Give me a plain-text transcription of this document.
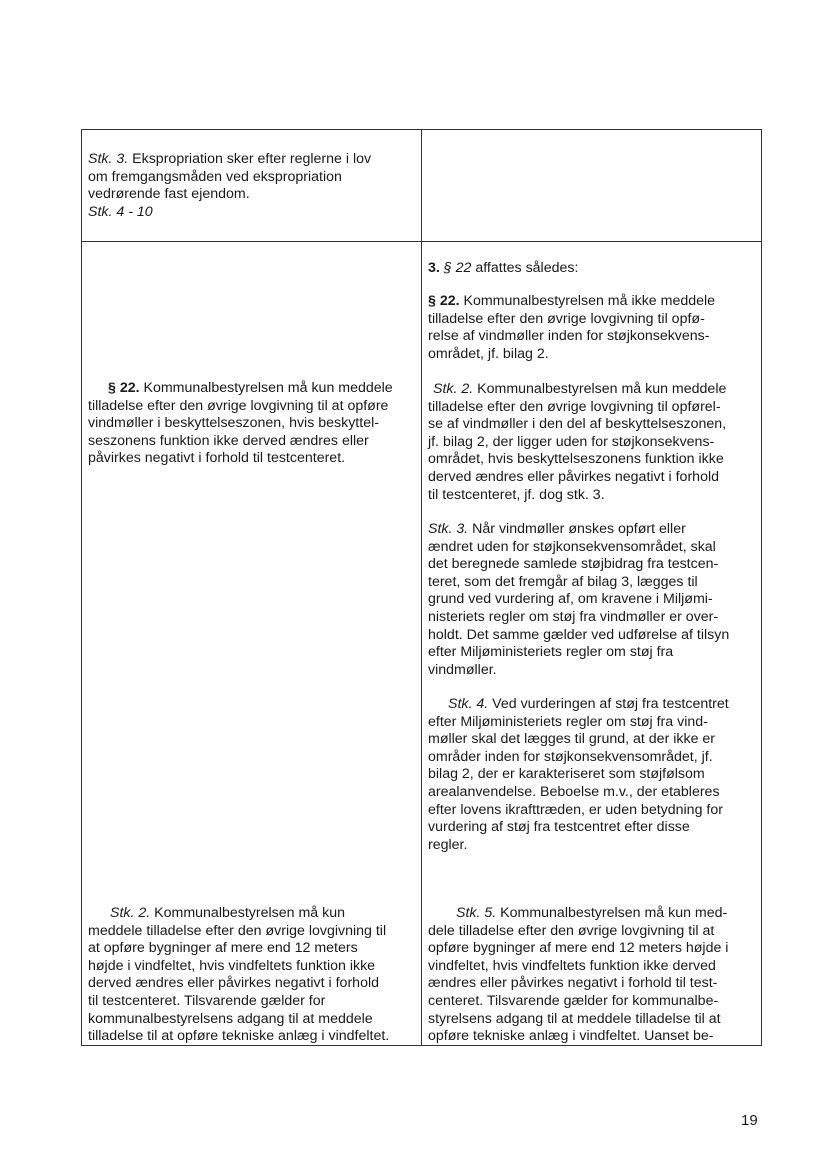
Stk. 3. Ekspropriation sker efter reglerne i lov
om fremgangsmåden ved ekspropriation
vedrørende fast ejendom.
Stk. 4 - 10
§ 22. Kommunalbestyrelsen må kun meddele
tilladelse efter den øvrige lovgivning til at opføre
vindmøller i beskyttelseszonen, hvis beskyttel-
seszonens funktion ikke derved ændres eller
påvirkes negativt i forhold til testcenteret.
Stk. 2. Kommunalbestyrelsen må kun
meddele tilladelse efter den øvrige lovgivning til
at opføre bygninger af mere end 12 meters
højde i vindfeltet, hvis vindfeltets funktion ikke
derved ændres eller påvirkes negativt i forhold
til testcenteret. Tilsvarende gælder for
kommunalbestyrelsens adgang til at meddele
tilladelse til at opføre tekniske anlæg i vindfeltet.
3. § 22 affattes således:
§ 22. Kommunalbestyrelsen må ikke meddele
tilladelse efter den øvrige lovgivning til opfø-
relse af vindmøller inden for støjkonsekvens-
området, jf. bilag 2.
Stk. 2. Kommunalbestyrelsen må kun meddele
tilladelse efter den øvrige lovgivning til opførel-
se af vindmøller i den del af beskyttelseszonen,
jf. bilag 2, der ligger uden for støjkonsekvens-
området, hvis beskyttelseszonens funktion ikke
derved ændres eller påvirkes negativt i forhold
til testcenteret, jf. dog stk. 3.
Stk. 3. Når vindmøller ønskes opført eller
ændret uden for støjkonsekvensområdet, skal
det beregnede samlede støjbidrag fra testcen-
teret, som det fremgår af bilag 3, lægges til
grund ved vurdering af, om kravene i Miljømi-
nisteriets regler om støj fra vindmøller er over-
holdt. Det samme gælder ved udførelse af tilsyn
efter Miljøministeriets regler om støj fra
vindmøller.
Stk. 4. Ved vurderingen af støj fra testcentret
efter Miljøministeriets regler om støj fra vind-
møller skal det lægges til grund, at der ikke er
områder inden for støjkonsekvensområdet, jf.
bilag 2, der er karakteriseret som støjfølsom
arealanvendelse. Beboelse m.v., der etableres
efter lovens ikrafttræden, er uden betydning for
vurdering af støj fra testcentret efter disse
regler.
Stk. 5. Kommunalbestyrelsen må kun med-
dele tilladelse efter den øvrige lovgivning til at
opføre bygninger af mere end 12 meters højde i
vindfeltet, hvis vindfeltets funktion ikke derved
ændres eller påvirkes negativt i forhold til test-
centeret. Tilsvarende gælder for kommunalbe-
styrelsens adgang til at meddele tilladelse til at
opføre tekniske anlæg i vindfeltet. Uanset be-
19
